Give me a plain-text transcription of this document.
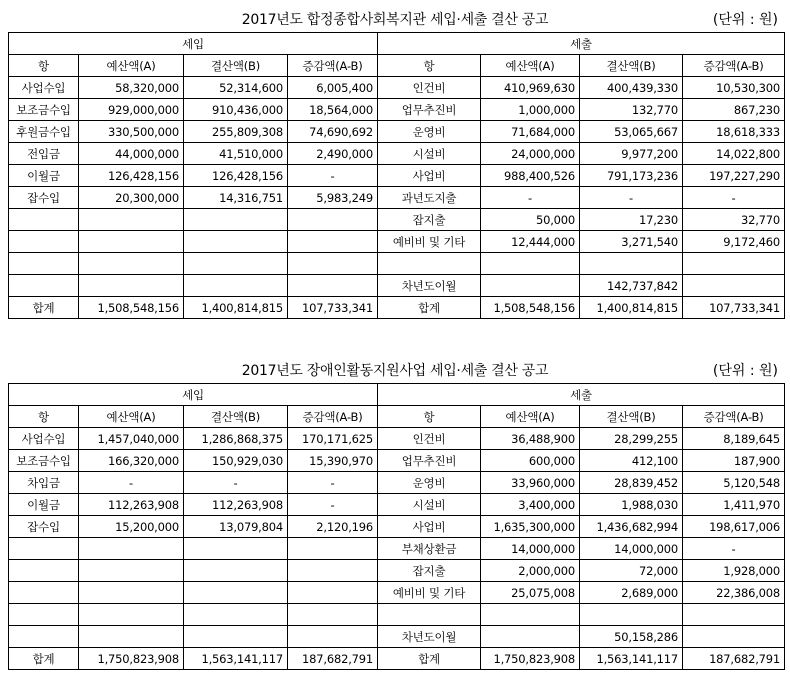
2017년도 합정종합사회복지관 세입·세출 결산 공고	(단위 : 원)
세입				세출			
항	예산액(A)	결산액(B)	증감액(A-B)	항	예산액(A)	결산액(B)	증감액(A-B)
사업수입	58,320,000	52,314,600	6,005,400	인건비	410,969,630	400,439,330	10,530,300
보조금수입	929,000,000	910,436,000	18,564,000	업무추진비	1,000,000	132,770	867,230
후원금수입	330,500,000	255,809,308	74,690,692	운영비	71,684,000	53,065,667	18,618,333
전입금	44,000,000	41,510,000	2,490,000	시설비	24,000,000	9,977,200	14,022,800
이월금	126,428,156	126,428,156	-	사업비	988,400,526	791,173,236	197,227,290
잡수입	20,300,000	14,316,751	5,983,249	과년도지출	-	-	-
				잡지출	50,000	17,230	32,770
				예비비 및 기타	12,444,000	3,271,540	9,172,460

				차년도이월		142,737,842	
합계	1,508,548,156	1,400,814,815	107,733,341	합계	1,508,548,156	1,400,814,815	107,733,341
2017년도 장애인활동지원사업 세입·세출 결산 공고	(단위 : 원)
세입				세출			
항	예산액(A)	결산액(B)	증감액(A-B)	항	예산액(A)	결산액(B)	증감액(A-B)
사업수입	1,457,040,000	1,286,868,375	170,171,625	인건비	36,488,900	28,299,255	8,189,645
보조금수입	166,320,000	150,929,030	15,390,970	업무추진비	600,000	412,100	187,900
차입금	-	-	-	운영비	33,960,000	28,839,452	5,120,548
이월금	112,263,908	112,263,908	-	시설비	3,400,000	1,988,030	1,411,970
잡수입	15,200,000	13,079,804	2,120,196	사업비	1,635,300,000	1,436,682,994	198,617,006
				부채상환금	14,000,000	14,000,000	-
				잡지출	2,000,000	72,000	1,928,000
				예비비 및 기타	25,075,008	2,689,000	22,386,008

				차년도이월		50,158,286	
합계	1,750,823,908	1,563,141,117	187,682,791	합계	1,750,823,908	1,563,141,117	187,682,791
